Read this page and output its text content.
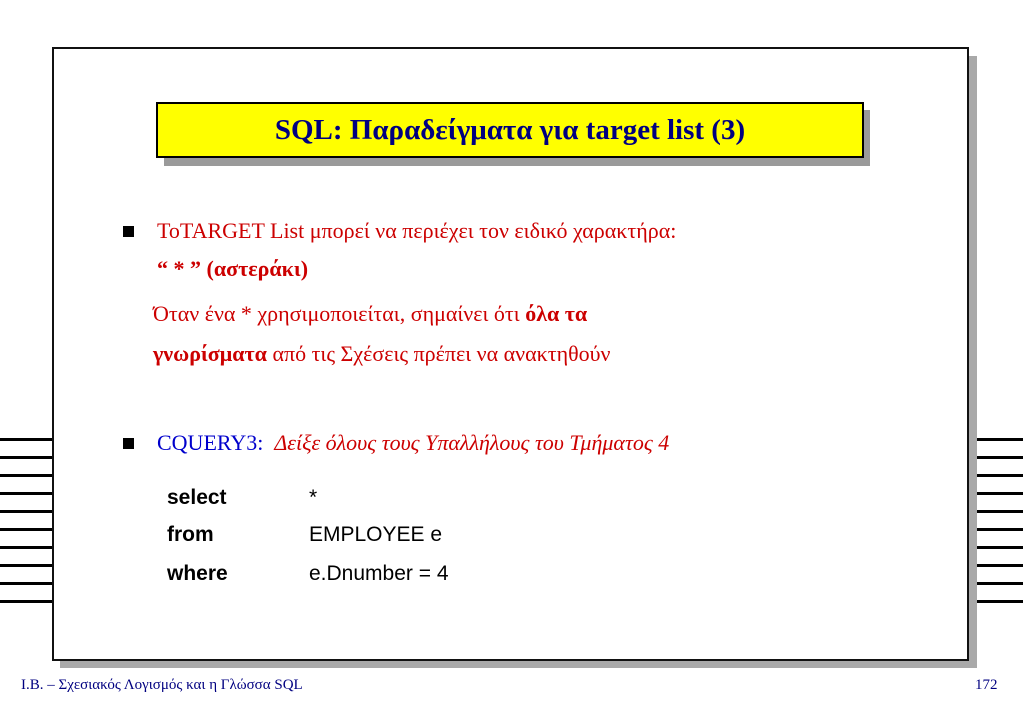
SQL: Παραδείγματα για target list (3)
ToTARGET List μπορεί να περιέχει τον ειδικό χαρακτήρα:
“ * ” (αστεράκι)
Όταν ένα * χρησιμοποιείται, σημαίνει ότι όλα τα
γνωρίσματα από τις Σχέσεις πρέπει να ανακτηθούν
CQUERY3: Δείξε όλους τους Υπαλλήλους του Τμήματος 4
select	*
from	EMPLOYEE e
where	e.Dnumber = 4
Ι.Β. – Σχεσιακός Λογισμός και η Γλώσσα SQL	172
